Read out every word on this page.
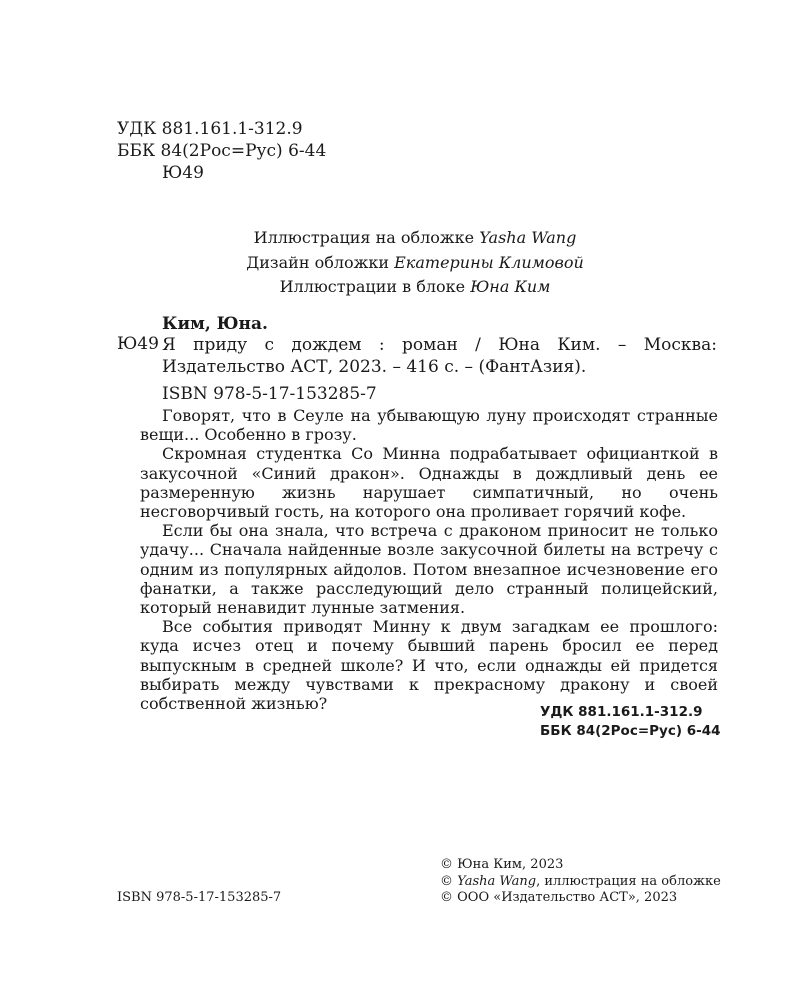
УДК 881.161.1-312.9
ББК 84(2Рос=Рус) 6-44
Ю49
Иллюстрация на обложке Yasha Wang
Дизайн обложки Екатерины Климовой
Иллюстрации в блоке Юна Ким
Ким, Юна.
Ю49 Я приду с дождем : роман / Юна Ким. – Москва: Издательство АСТ, 2023. – 416 с. – (ФантАзия).
ISBN 978-5-17-153285-7

Говорят, что в Сеуле на убывающую луну происходят странные вещи... Особенно в грозу.

Скромная студентка Со Минна подрабатывает официанткой в закусочной «Синий дракон». Однажды в дождливый день ее размеренную жизнь нарушает симпатичный, но очень несговорчивый гость, на которого она проливает горячий кофе.

Если бы она знала, что встреча с драконом приносит не только удачу... Сначала найденные возле закусочной билеты на встречу с одним из популярных айдолов. Потом внезапное исчезновение его фанатки, а также расследующий дело странный полицейский, который ненавидит лунные затмения.

Все события приводят Минну к двум загадкам ее прошлого: куда исчез отец и почему бывший парень бросил ее перед выпускным в средней школе? И что, если однажды ей придется выбирать между чувствами к прекрасному дракону и своей собственной жизнью?	УДК 881.161.1-312.9
ББК 84(2Рос=Рус) 6-44
© Юна Ким, 2023
© Yasha Wang, иллюстрация на обложке
© ООО «Издательство АСТ», 2023
ISBN 978-5-17-153285-7
